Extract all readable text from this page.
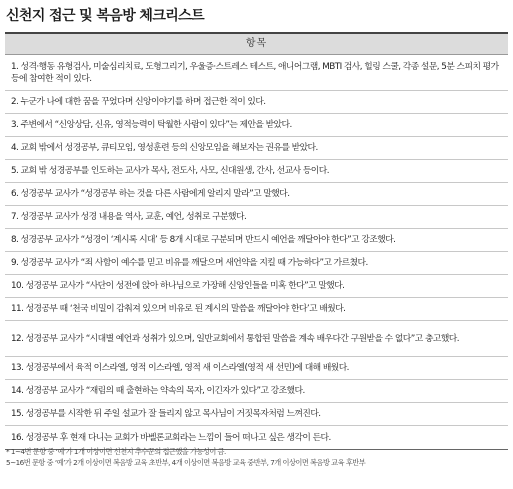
신천지 접근 및 복음방 체크리스트
항목
1. 성격·행동 유형검사, 미술심리치료, 도형그리기, 우울증·스트레스 테스트, 애니어그램, MBTI 검사, 힐링 스쿨, 각종 설문, 5분 스피치 평가 등에 참여한 적이 있다.
2. 누군가 나에 대한 꿈을 꾸었다며 신앙이야기를 하며 접근한 적이 있다.
3. 주변에서 “신앙상담, 신유, 영적능력이 탁월한 사람이 있다”는 제안을 받았다.
4. 교회 밖에서 성경공부, 큐티모임, 영성훈련 등의 신앙모임을 해보자는 권유를 받았다.
5. 교회 밖 성경공부를 인도하는 교사가 목사, 전도사, 사모, 신대원생, 간사, 선교사 등이다.
6. 성경공부 교사가 “성경공부 하는 것을 다른 사람에게 알리지 말라”고 말했다.
7. 성경공부 교사가 성경 내용을 역사, 교훈, 예언, 성취로 구분했다.
8. 성경공부 교사가 “성경이 ‘계시록 시대’ 등 8개 시대로 구분되며 반드시 예언을 깨달아야 한다”고 강조했다.
9. 성경공부 교사가 “죄 사함이 예수를 믿고 비유를 깨달으며 새언약을 지킬 때 가능하다”고 가르쳤다.
10. 성경공부 교사가 “사단이 성전에 앉아 하나님으로 가장해 신앙인들을 미혹 한다”고 말했다.
11. 성경공부 때 ‘천국 비밀이 감춰져 있으며 비유로 된 계시의 말씀을 깨달아야 한다’고 배웠다.
12. 성경공부 교사가 “시대별 예언과 성취가 있으며, 일반교회에서 통합된 말씀을 계속 배우다간 구원받을 수 없다”고 충고했다.
13. 성경공부에서 육적 이스라엘, 영적 이스라엘, 영적 새 이스라엘(영적 새 선민)에 대해 배웠다.
14. 성경공부 교사가 “재림의 때 출현하는 약속의 목자, 이긴자가 있다”고 강조했다.
15. 성경공부를 시작한 뒤 주일 설교가 잘 들리지 않고 목사님이 거짓목자처럼 느껴진다.
16. 성경공부 후 현재 다니는 교회가 바벨론교회라는 느낌이 들어 떠나고 싶은 생각이 든다.
* 1~4번 문항 중 ‘예’가 1개 이상이면 신천지 추수꾼의 접근했을 가능성이 큼.
5~16번 문항 중 ‘예’가 2개 이상이면 복음방 교육 초반부, 4개 이상이면 복음방 교육 중반부, 7개 이상이면 복음방 교육 후반부
